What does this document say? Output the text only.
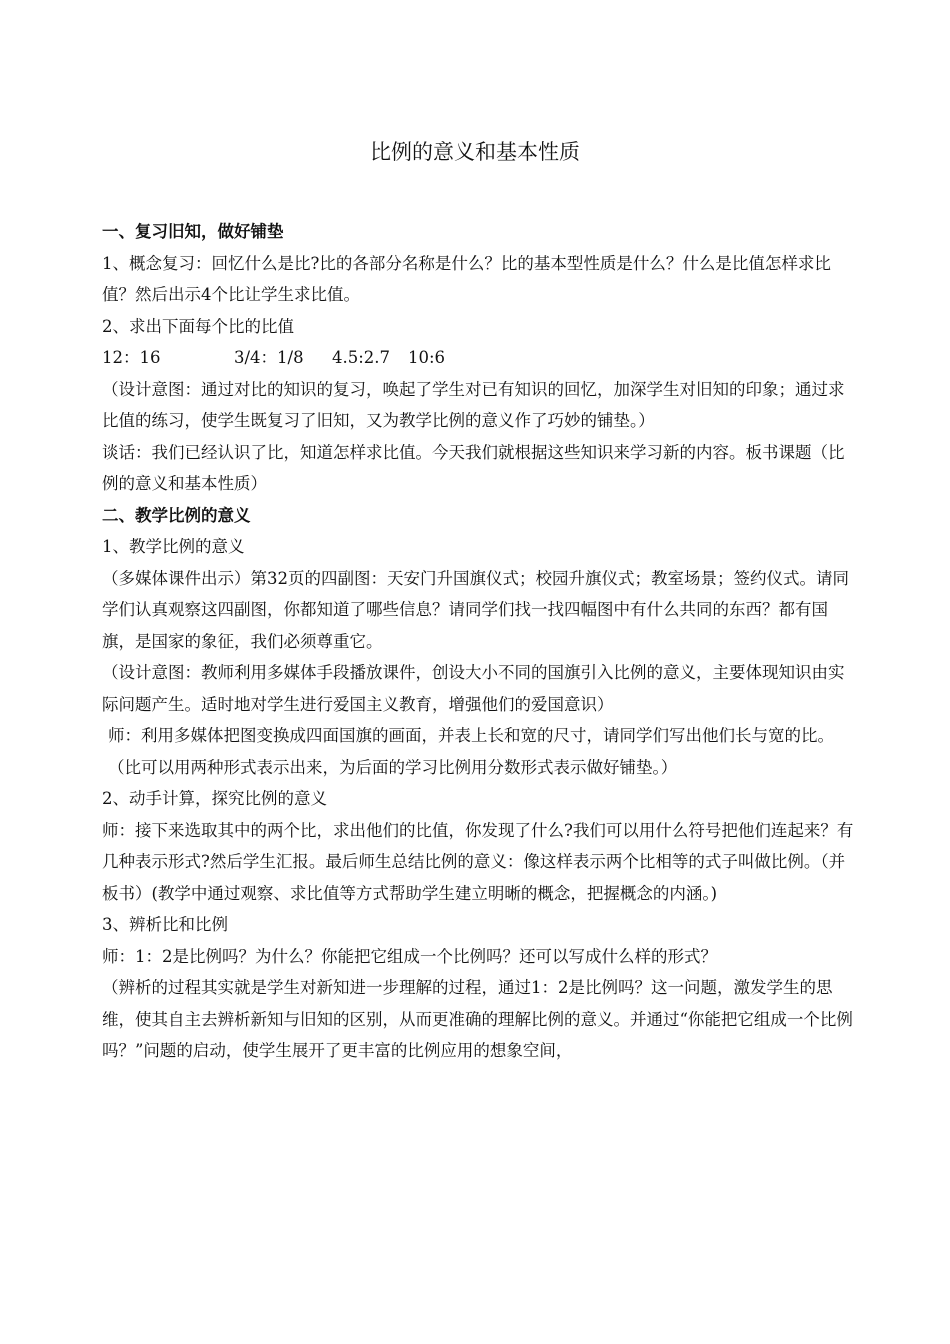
比例的意义和基本性质

一、复习旧知，做好铺垫

1、概念复习：回忆什么是比?比的各部分名称是什么？比的基本型性质是什么？什么是比值怎样求比值？然后出示4个比让学生求比值。

2、求出下面每个比的比值

12：16	3/4：1/8 4.5:2.7 10:6

（设计意图：通过对比的知识的复习，唤起了学生对已有知识的回忆，加深学生对旧知的印象；通过求比值的练习，使学生既复习了旧知，又为教学比例的意义作了巧妙的铺垫。）

谈话：我们已经认识了比，知道怎样求比值。今天我们就根据这些知识来学习新的内容。板书课题（比例的意义和基本性质）

二、教学比例的意义

1、教学比例的意义

（多媒体课件出示）第32页的四副图：天安门升国旗仪式；校园升旗仪式；教室场景；签约仪式。请同学们认真观察这四副图，你都知道了哪些信息？请同学们找一找四幅图中有什么共同的东西？都有国旗，是国家的象征，我们必须尊重它。

（设计意图：教师利用多媒体手段播放课件，创设大小不同的国旗引入比例的意义，主要体现知识由实际问题产生。适时地对学生进行爱国主义教育，增强他们的爱国意识）

师：利用多媒体把图变换成四面国旗的画面，并表上长和宽的尺寸，请同学们写出他们长与宽的比。

（比可以用两种形式表示出来，为后面的学习比例用分数形式表示做好铺垫。）

2、动手计算，探究比例的意义

师：接下来选取其中的两个比，求出他们的比值，你发现了什么?我们可以用什么符号把他们连起来？有几种表示形式?然后学生汇报。最后师生总结比例的意义：像这样表示两个比相等的式子叫做比例。（并板书）(教学中通过观察、求比值等方式帮助学生建立明晰的概念，把握概念的内涵。)

3、辨析比和比例

师：1：2是比例吗？为什么？你能把它组成一个比例吗？还可以写成什么样的形式？

（辨析的过程其实就是学生对新知进一步理解的过程，通过1：2是比例吗？这一问题，激发学生的思维，使其自主去辨析新知与旧知的区别，从而更准确的理解比例的意义。并通过“你能把它组成一个比例吗？”问题的启动，使学生展开了更丰富的比例应用的想象空间，
